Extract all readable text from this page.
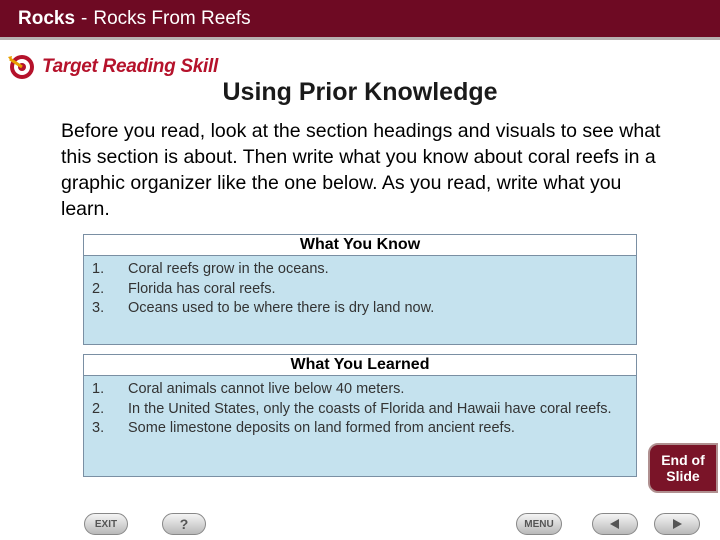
Rocks - Rocks From Reefs
Target Reading Skill
Using Prior Knowledge
Before you read, look at the section headings and visuals to see what this section is about. Then write what you know about coral reefs in a graphic organizer like the one below. As you read, write what you learn.
What You Know
1.	Coral reefs grow in the oceans.
2.	Florida has coral reefs.
3.	Oceans used to be where there is dry land now.
What You Learned
1.	Coral animals cannot live below 40 meters.
2.	In the United States, only the coasts of Florida and Hawaii have coral reefs.
3.	Some limestone deposits on land formed from ancient reefs.
End of Slide
EXIT	?	MENU
